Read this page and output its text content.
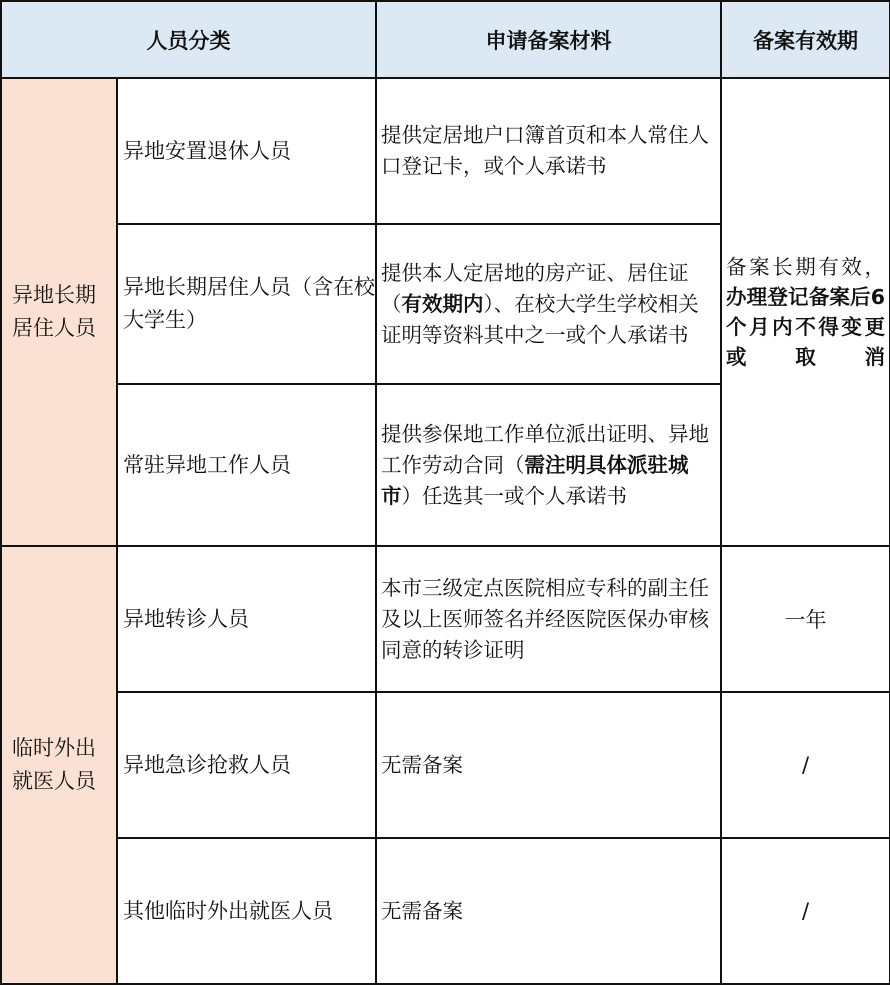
人员分类		申请备案材料	备案有效期
异地长期居住人员	异地安置退休人员	提供定居地户口簿首页和本人常住人口登记卡，或个人承诺书	备案长期有效，办理登记备案后6个月内不得变更或取消
	异地长期居住人员（含在校大学生）	提供本人定居地的房产证、居住证（有效期内）、在校大学生学校相关证明等资料其中之一或个人承诺书	
	常驻异地工作人员	提供参保地工作单位派出证明、异地工作劳动合同（需注明具体派驻城市）任选其一或个人承诺书	
临时外出就医人员	异地转诊人员	本市三级定点医院相应专科的副主任及以上医师签名并经医院医保办审核同意的转诊证明	一年
	异地急诊抢救人员	无需备案	/
	其他临时外出就医人员	无需备案	/
